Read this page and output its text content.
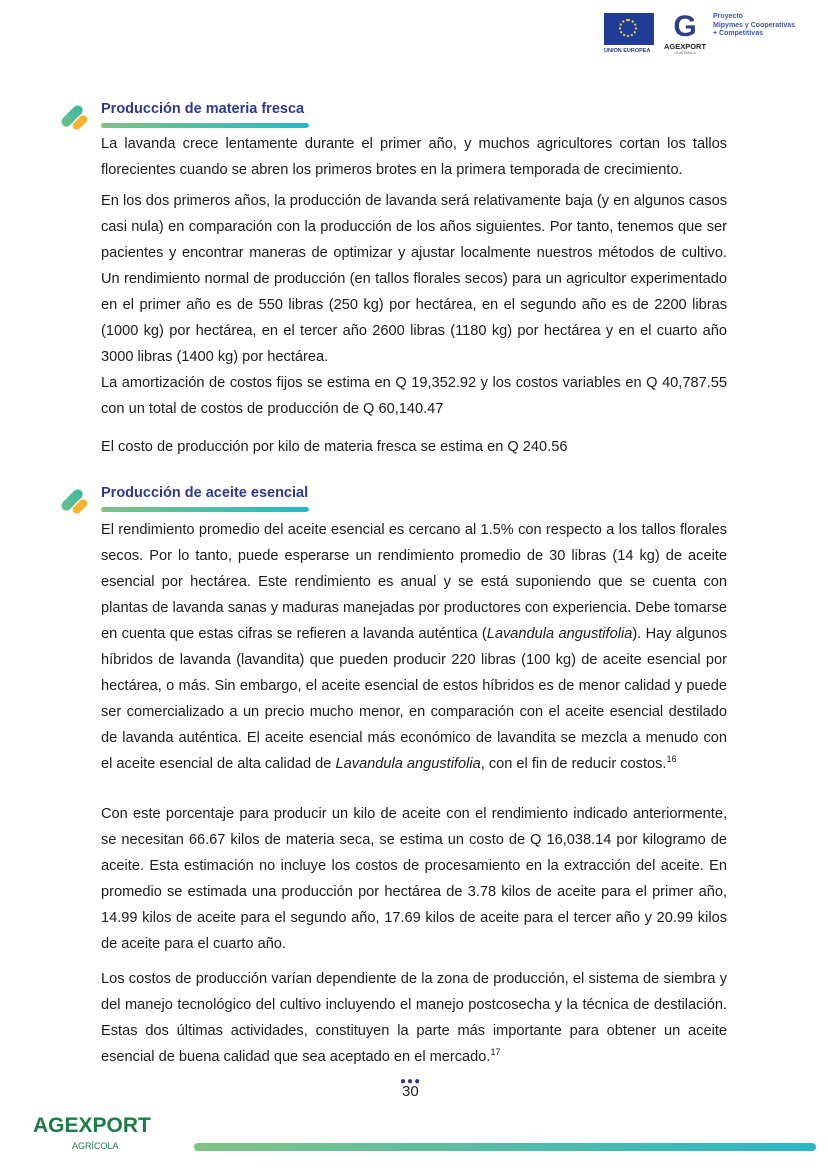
UNION EUROPEA
G
AGEXPORT
GUATEMALA
Proyecto
Mipymes y Cooperativas
+ Competitivas
Producción de materia fresca

La lavanda crece lentamente durante el primer año, y muchos agricultores cortan los tallos florecientes cuando se abren los primeros brotes en la primera temporada de crecimiento.

En los dos primeros años, la producción de lavanda será relativamente baja (y en algunos casos casi nula) en comparación con la producción de los años siguientes. Por tanto, tenemos que ser pacientes y encontrar maneras de optimizar y ajustar localmente nuestros métodos de cultivo. Un rendimiento normal de producción (en tallos florales secos) para un agricultor experimentado en el primer año es de 550 libras (250 kg) por hectárea, en el segundo año es de 2200 libras (1000 kg) por hectárea, en el tercer año 2600 libras (1180 kg) por hectárea y en el cuarto año 3000 libras (1400 kg) por hectárea.

La amortización de costos fijos se estima en Q 19,352.92 y los costos variables en Q 40,787.55 con un total de costos de producción de Q 60,140.47

El costo de producción por kilo de materia fresca se estima en Q 240.56

Producción de aceite esencial

El rendimiento promedio del aceite esencial es cercano al 1.5% con respecto a los tallos florales secos. Por lo tanto, puede esperarse un rendimiento promedio de 30 libras (14 kg) de aceite esencial por hectárea. Este rendimiento es anual y se está suponiendo que se cuenta con plantas de lavanda sanas y maduras manejadas por productores con experiencia. Debe tomarse en cuenta que estas cifras se refieren a lavanda auténtica (Lavandula angustifolia). Hay algunos híbridos de lavanda (lavandita) que pueden producir 220 libras (100 kg) de aceite esencial por hectárea, o más. Sin embargo, el aceite esencial de estos híbridos es de menor calidad y puede ser comercializado a un precio mucho menor, en comparación con el aceite esencial destilado de lavanda auténtica. El aceite esencial más económico de lavandita se mezcla a menudo con el aceite esencial de alta calidad de Lavandula angustifolia, con el fin de reducir costos.$^{16}$

Con este porcentaje para producir un kilo de aceite con el rendimiento indicado anteriormente, se necesitan 66.67 kilos de materia seca, se estima un costo de Q 16,038.14 por kilogramo de aceite. Esta estimación no incluye los costos de procesamiento en la extracción del aceite. En promedio se estimada una producción por hectárea de 3.78 kilos de aceite para el primer año, 14.99 kilos de aceite para el segundo año, 17.69 kilos de aceite para el tercer año y 20.99 kilos de aceite para el cuarto año.

Los costos de producción varían dependiente de la zona de producción, el sistema de siembra y del manejo tecnológico del cultivo incluyendo el manejo postcosecha y la técnica de destilación. Estas dos últimas actividades, constituyen la parte más importante para obtener un aceite esencial de buena calidad que sea aceptado en el mercado.$^{17}$

●●●
30
AGEXPORT
AGRÍCOLA
